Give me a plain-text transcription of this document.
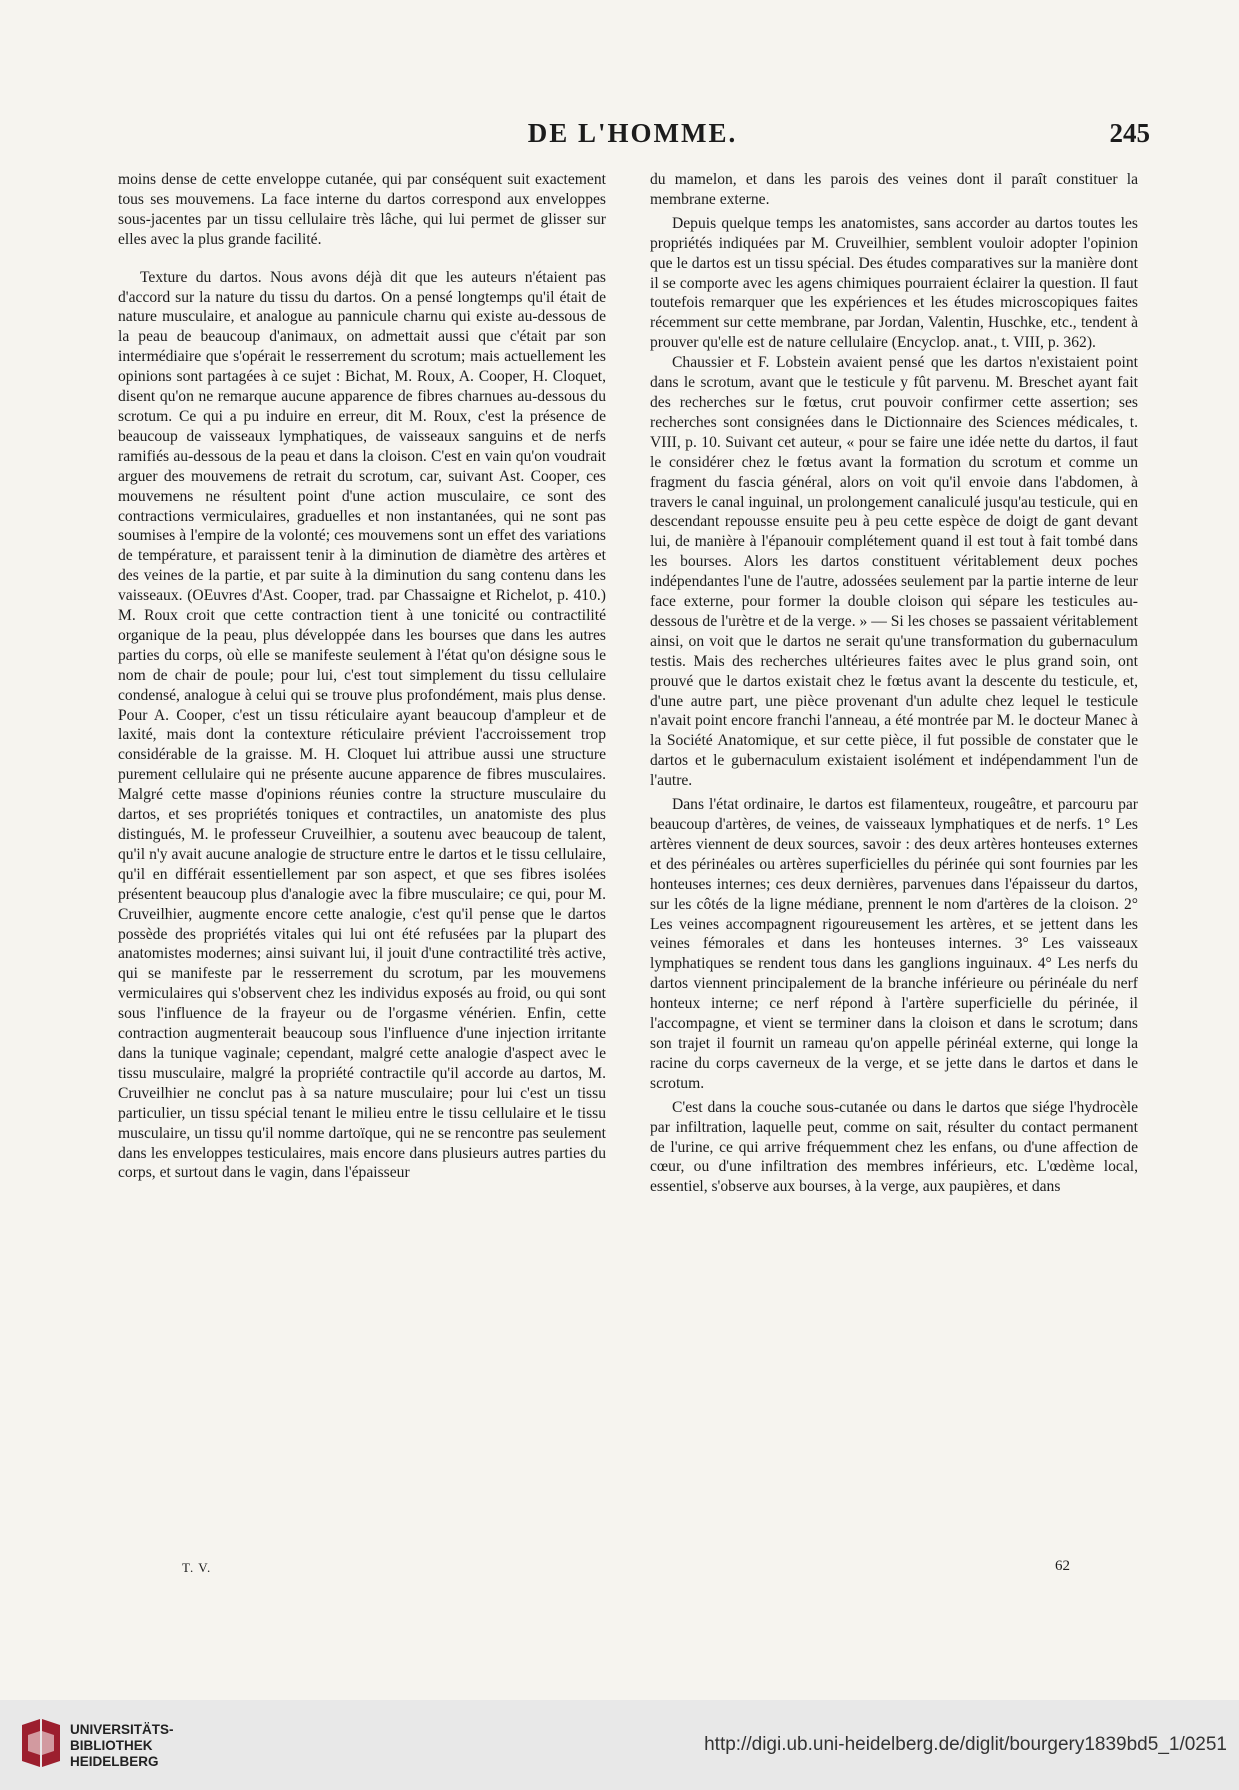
DE L'HOMME.	245

moins dense de cette enveloppe cutanée, qui par conséquent suit exactement tous ses mouvemens. La face interne du dartos correspond aux enveloppes sous-jacentes par un tissu cellulaire très lâche, qui lui permet de glisser sur elles avec la plus grande facilité.

Texture du dartos. Nous avons déjà dit que les auteurs n'étaient pas d'accord sur la nature du tissu du dartos. On a pensé longtemps qu'il était de nature musculaire, et analogue au pannicule charnu qui existe au-dessous de la peau de beaucoup d'animaux, on admettait aussi que c'était par son intermédiaire que s'opérait le resserrement du scrotum; mais actuellement les opinions sont partagées à ce sujet : Bichat, M. Roux, A. Cooper, H. Cloquet, disent qu'on ne remarque aucune apparence de fibres charnues au-dessous du scrotum. Ce qui a pu induire en erreur, dit M. Roux, c'est la présence de beaucoup de vaisseaux lymphatiques, de vaisseaux sanguins et de nerfs ramifiés au-dessous de la peau et dans la cloison. C'est en vain qu'on voudrait arguer des mouvemens de retrait du scrotum, car, suivant Ast. Cooper, ces mouvemens ne résultent point d'une action musculaire, ce sont des contractions vermiculaires, graduelles et non instantanées, qui ne sont pas soumises à l'empire de la volonté; ces mouvemens sont un effet des variations de température, et paraissent tenir à la diminution de diamètre des artères et des veines de la partie, et par suite à la diminution du sang contenu dans les vaisseaux. (OEuvres d'Ast. Cooper, trad. par Chassaigne et Richelot, p. 410.) M. Roux croit que cette contraction tient à une tonicité ou contractilité organique de la peau, plus développée dans les bourses que dans les autres parties du corps, où elle se manifeste seulement à l'état qu'on désigne sous le nom de chair de poule; pour lui, c'est tout simplement du tissu cellulaire condensé, analogue à celui qui se trouve plus profondément, mais plus dense. Pour A. Cooper, c'est un tissu réticulaire ayant beaucoup d'ampleur et de laxité, mais dont la contexture réticulaire prévient l'accroissement trop considérable de la graisse. M. H. Cloquet lui attribue aussi une structure purement cellulaire qui ne présente aucune apparence de fibres musculaires. Malgré cette masse d'opinions réunies contre la structure musculaire du dartos, et ses propriétés toniques et contractiles, un anatomiste des plus distingués, M. le professeur Cruveilhier, a soutenu avec beaucoup de talent, qu'il n'y avait aucune analogie de structure entre le dartos et le tissu cellulaire, qu'il en différait essentiellement par son aspect, et que ses fibres isolées présentent beaucoup plus d'analogie avec la fibre musculaire; ce qui, pour M. Cruveilhier, augmente encore cette analogie, c'est qu'il pense que le dartos possède des propriétés vitales qui lui ont été refusées par la plupart des anatomistes modernes; ainsi suivant lui, il jouit d'une contractilité très active, qui se manifeste par le resserrement du scrotum, par les mouvemens vermiculaires qui s'observent chez les individus exposés au froid, ou qui sont sous l'influence de la frayeur ou de l'orgasme vénérien. Enfin, cette contraction augmenterait beaucoup sous l'influence d'une injection irritante dans la tunique vaginale; cependant, malgré cette analogie d'aspect avec le tissu musculaire, malgré la propriété contractile qu'il accorde au dartos, M. Cruveilhier ne conclut pas à sa nature musculaire; pour lui c'est un tissu particulier, un tissu spécial tenant le milieu entre le tissu cellulaire et le tissu musculaire, un tissu qu'il nomme dartoïque, qui ne se rencontre pas seulement dans les enveloppes testiculaires, mais encore dans plusieurs autres parties du corps, et surtout dans le vagin, dans l'épaisseur

du mamelon, et dans les parois des veines dont il paraît constituer la membrane externe.

Depuis quelque temps les anatomistes, sans accorder au dartos toutes les propriétés indiquées par M. Cruveilhier, semblent vouloir adopter l'opinion que le dartos est un tissu spécial. Des études comparatives sur la manière dont il se comporte avec les agens chimiques pourraient éclairer la question. Il faut toutefois remarquer que les expériences et les études microscopiques faites récemment sur cette membrane, par Jordan, Valentin, Huschke, etc., tendent à prouver qu'elle est de nature cellulaire (Encyclop. anat., t. VIII, p. 362).

Chaussier et F. Lobstein avaient pensé que les dartos n'existaient point dans le scrotum, avant que le testicule y fût parvenu. M. Breschet ayant fait des recherches sur le fœtus, crut pouvoir confirmer cette assertion; ses recherches sont consignées dans le Dictionnaire des Sciences médicales, t. VIII, p. 10. Suivant cet auteur, « pour se faire une idée nette du dartos, il faut le considérer chez le fœtus avant la formation du scrotum et comme un fragment du fascia général, alors on voit qu'il envoie dans l'abdomen, à travers le canal inguinal, un prolongement canaliculé jusqu'au testicule, qui en descendant repousse ensuite peu à peu cette espèce de doigt de gant devant lui, de manière à l'épanouir complétement quand il est tout à fait tombé dans les bourses. Alors les dartos constituent véritablement deux poches indépendantes l'une de l'autre, adossées seulement par la partie interne de leur face externe, pour former la double cloison qui sépare les testicules au-dessous de l'urètre et de la verge. » — Si les choses se passaient véritablement ainsi, on voit que le dartos ne serait qu'une transformation du gubernaculum testis. Mais des recherches ultérieures faites avec le plus grand soin, ont prouvé que le dartos existait chez le fœtus avant la descente du testicule, et, d'une autre part, une pièce provenant d'un adulte chez lequel le testicule n'avait point encore franchi l'anneau, a été montrée par M. le docteur Manec à la Société Anatomique, et sur cette pièce, il fut possible de constater que le dartos et le gubernaculum existaient isolément et indépendamment l'un de l'autre.

Dans l'état ordinaire, le dartos est filamenteux, rougeâtre, et parcouru par beaucoup d'artères, de veines, de vaisseaux lymphatiques et de nerfs. 1° Les artères viennent de deux sources, savoir : des deux artères honteuses externes et des périnéales ou artères superficielles du périnée qui sont fournies par les honteuses internes; ces deux dernières, parvenues dans l'épaisseur du dartos, sur les côtés de la ligne médiane, prennent le nom d'artères de la cloison. 2° Les veines accompagnent rigoureusement les artères, et se jettent dans les veines fémorales et dans les honteuses internes. 3° Les vaisseaux lymphatiques se rendent tous dans les ganglions inguinaux. 4° Les nerfs du dartos viennent principalement de la branche inférieure ou périnéale du nerf honteux interne; ce nerf répond à l'artère superficielle du périnée, il l'accompagne, et vient se terminer dans la cloison et dans le scrotum; dans son trajet il fournit un rameau qu'on appelle périnéal externe, qui longe la racine du corps caverneux de la verge, et se jette dans le dartos et dans le scrotum.

C'est dans la couche sous-cutanée ou dans le dartos que siége l'hydrocèle par infiltration, laquelle peut, comme on sait, résulter du contact permanent de l'urine, ce qui arrive fréquemment chez les enfans, ou d'une affection de cœur, ou d'une infiltration des membres inférieurs, etc. L'œdème local, essentiel, s'observe aux bourses, à la verge, aux paupières, et dans

T. V.	62
UNIVERSITÄTS-
BIBLIOTHEK
HEIDELBERG
http://digi.ub.uni-heidelberg.de/diglit/bourgery1839bd5_1/0251
